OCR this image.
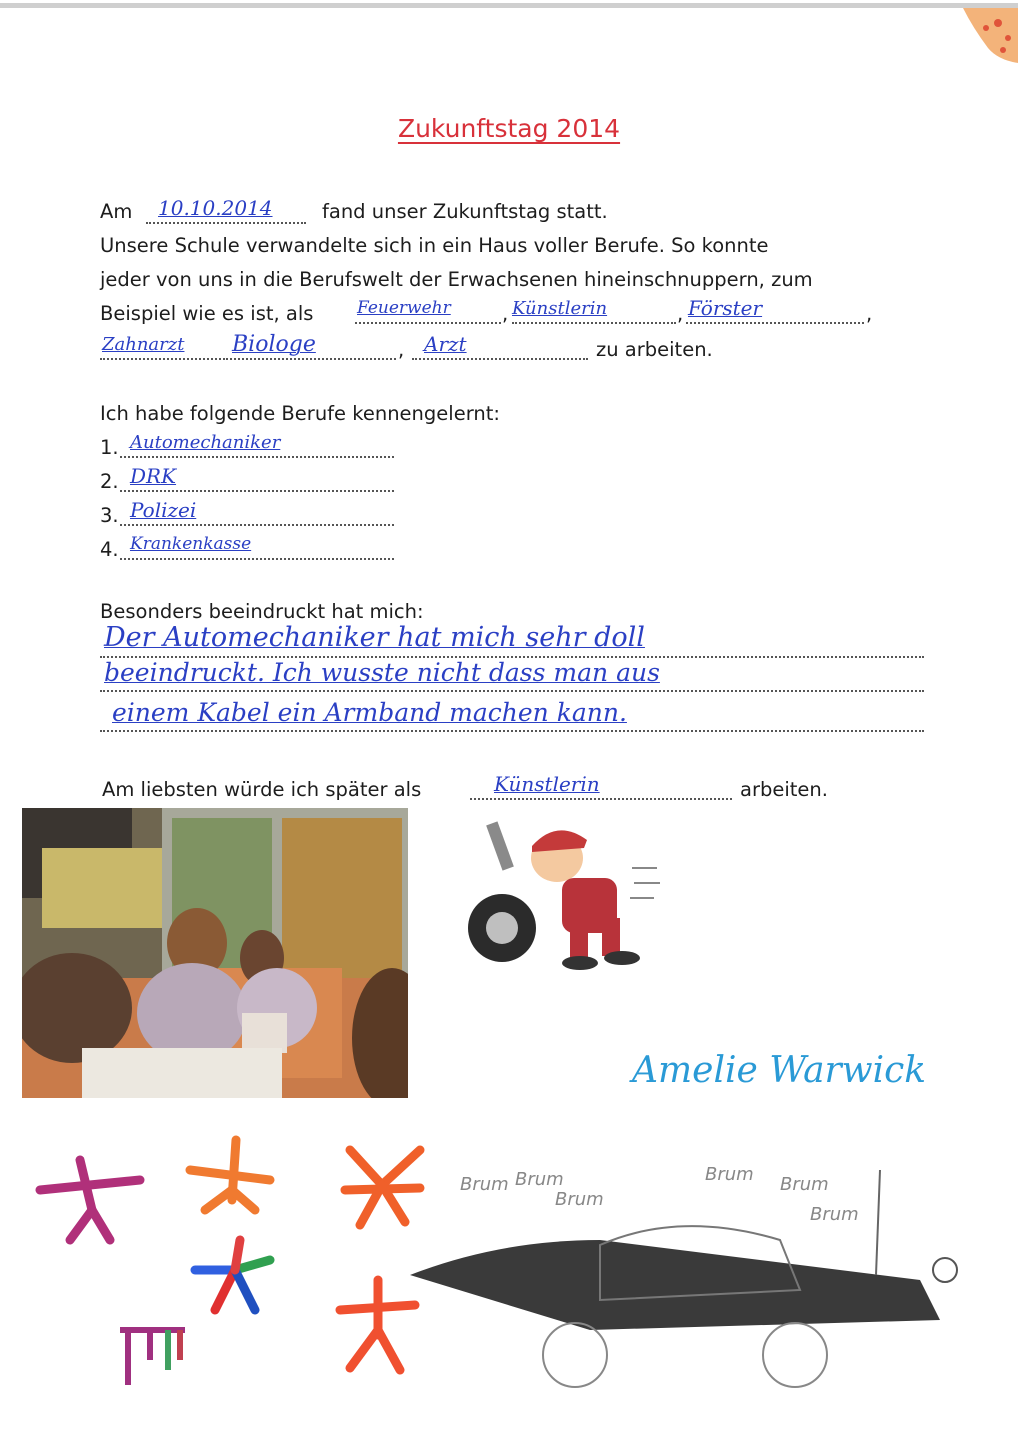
Zukunftstag 2014
Am 10.10.2014	fand unser Zukunftstag statt.
Unsere Schule verwandelte sich in ein Haus voller Berufe. So konnte
jeder von uns in die Berufswelt der Erwachsenen hineinschnuppern, zum
Beispiel wie es ist, als	Feuerwehr	, Künstlerin	, Förster	,
Zahnarzt Biologe	, Arzt	zu arbeiten.
Ich habe folgende Berufe kennengelernt:
1. Automechaniker
2. DRK
3. Polizei
4. Krankenkasse
Besonders beeindruckt hat mich:
Der Automechaniker hat mich sehr doll
beeindruckt. Ich wusste nicht dass man aus
einem Kabel ein Armband machen kann.
Am liebsten würde ich später als	Künstlerin	arbeiten.
Amelie Warwick
Brum Brum
Brum
Brum Brum
Brum
